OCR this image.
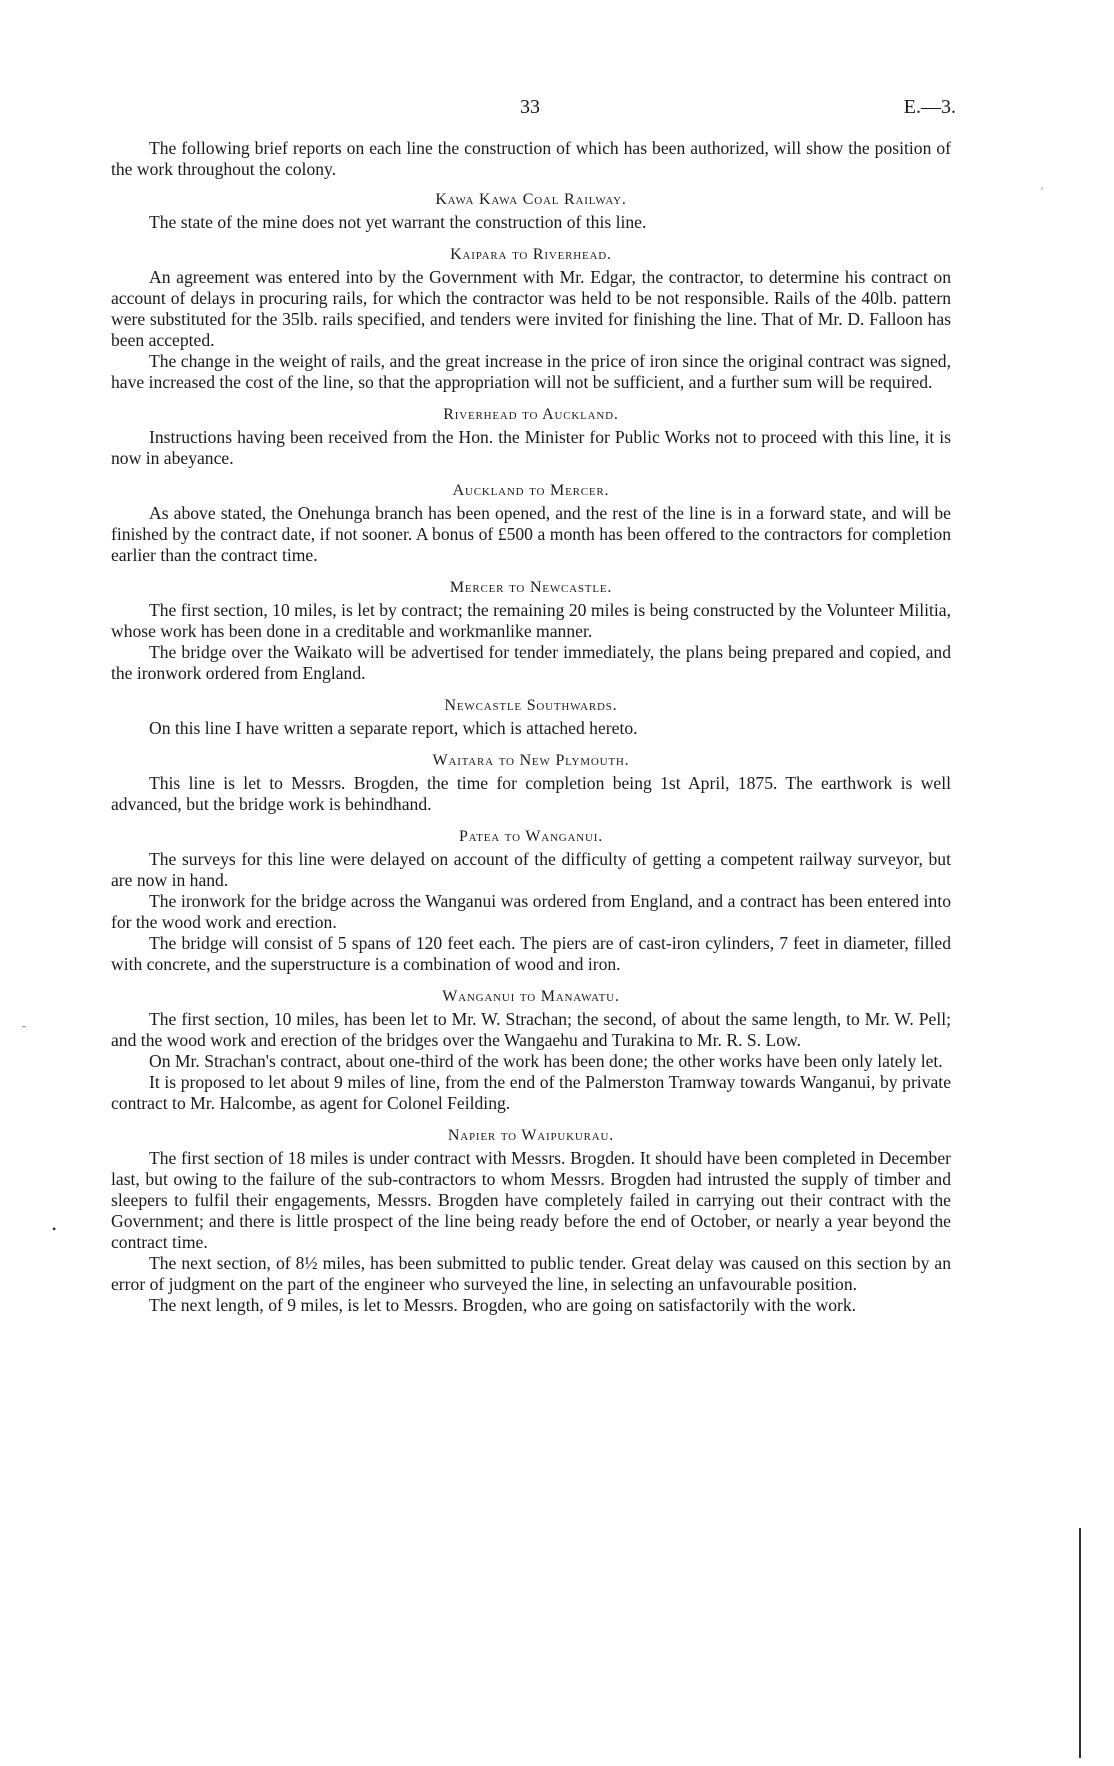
33	E.—3.

The following brief reports on each line the construction of which has been authorized, will show the position of the work throughout the colony.

Kawa Kawa Coal Railway.

The state of the mine does not yet warrant the construction of this line.

Kaipara to Riverhead.

An agreement was entered into by the Government with Mr. Edgar, the contractor, to determine his contract on account of delays in procuring rails, for which the contractor was held to be not responsible. Rails of the 40lb. pattern were substituted for the 35lb. rails specified, and tenders were invited for finishing the line. That of Mr. D. Falloon has been accepted.

The change in the weight of rails, and the great increase in the price of iron since the original contract was signed, have increased the cost of the line, so that the appropriation will not be sufficient, and a further sum will be required.

Riverhead to Auckland.

Instructions having been received from the Hon. the Minister for Public Works not to proceed with this line, it is now in abeyance.

Auckland to Mercer.

As above stated, the Onehunga branch has been opened, and the rest of the line is in a forward state, and will be finished by the contract date, if not sooner. A bonus of £500 a month has been offered to the contractors for completion earlier than the contract time.

Mercer to Newcastle.

The first section, 10 miles, is let by contract; the remaining 20 miles is being constructed by the Volunteer Militia, whose work has been done in a creditable and workmanlike manner.

The bridge over the Waikato will be advertised for tender immediately, the plans being prepared and copied, and the ironwork ordered from England.

Newcastle Southwards.

On this line I have written a separate report, which is attached hereto.

Waitara to New Plymouth.

This line is let to Messrs. Brogden, the time for completion being 1st April, 1875. The earthwork is well advanced, but the bridge work is behindhand.

Patea to Wanganui.

The surveys for this line were delayed on account of the difficulty of getting a competent railway surveyor, but are now in hand.

The ironwork for the bridge across the Wanganui was ordered from England, and a contract has been entered into for the wood work and erection.

The bridge will consist of 5 spans of 120 feet each. The piers are of cast-iron cylinders, 7 feet in diameter, filled with concrete, and the superstructure is a combination of wood and iron.

Wanganui to Manawatu.

The first section, 10 miles, has been let to Mr. W. Strachan; the second, of about the same length, to Mr. W. Pell; and the wood work and erection of the bridges over the Wangaehu and Turakina to Mr. R. S. Low.

On Mr. Strachan's contract, about one-third of the work has been done; the other works have been only lately let.

It is proposed to let about 9 miles of line, from the end of the Palmerston Tramway towards Wanganui, by private contract to Mr. Halcombe, as agent for Colonel Feilding.

Napier to Waipukurau.

The first section of 18 miles is under contract with Messrs. Brogden. It should have been completed in December last, but owing to the failure of the sub-contractors to whom Messrs. Brogden had intrusted the supply of timber and sleepers to fulfil their engagements, Messrs. Brogden have completely failed in carrying out their contract with the Government; and there is little prospect of the line being ready before the end of October, or nearly a year beyond the contract time.

The next section, of 8½ miles, has been submitted to public tender. Great delay was caused on this section by an error of judgment on the part of the engineer who surveyed the line, in selecting an unfavourable position.

The next length, of 9 miles, is let to Messrs. Brogden, who are going on satisfactorily with the work.

ˌ
˗
•
